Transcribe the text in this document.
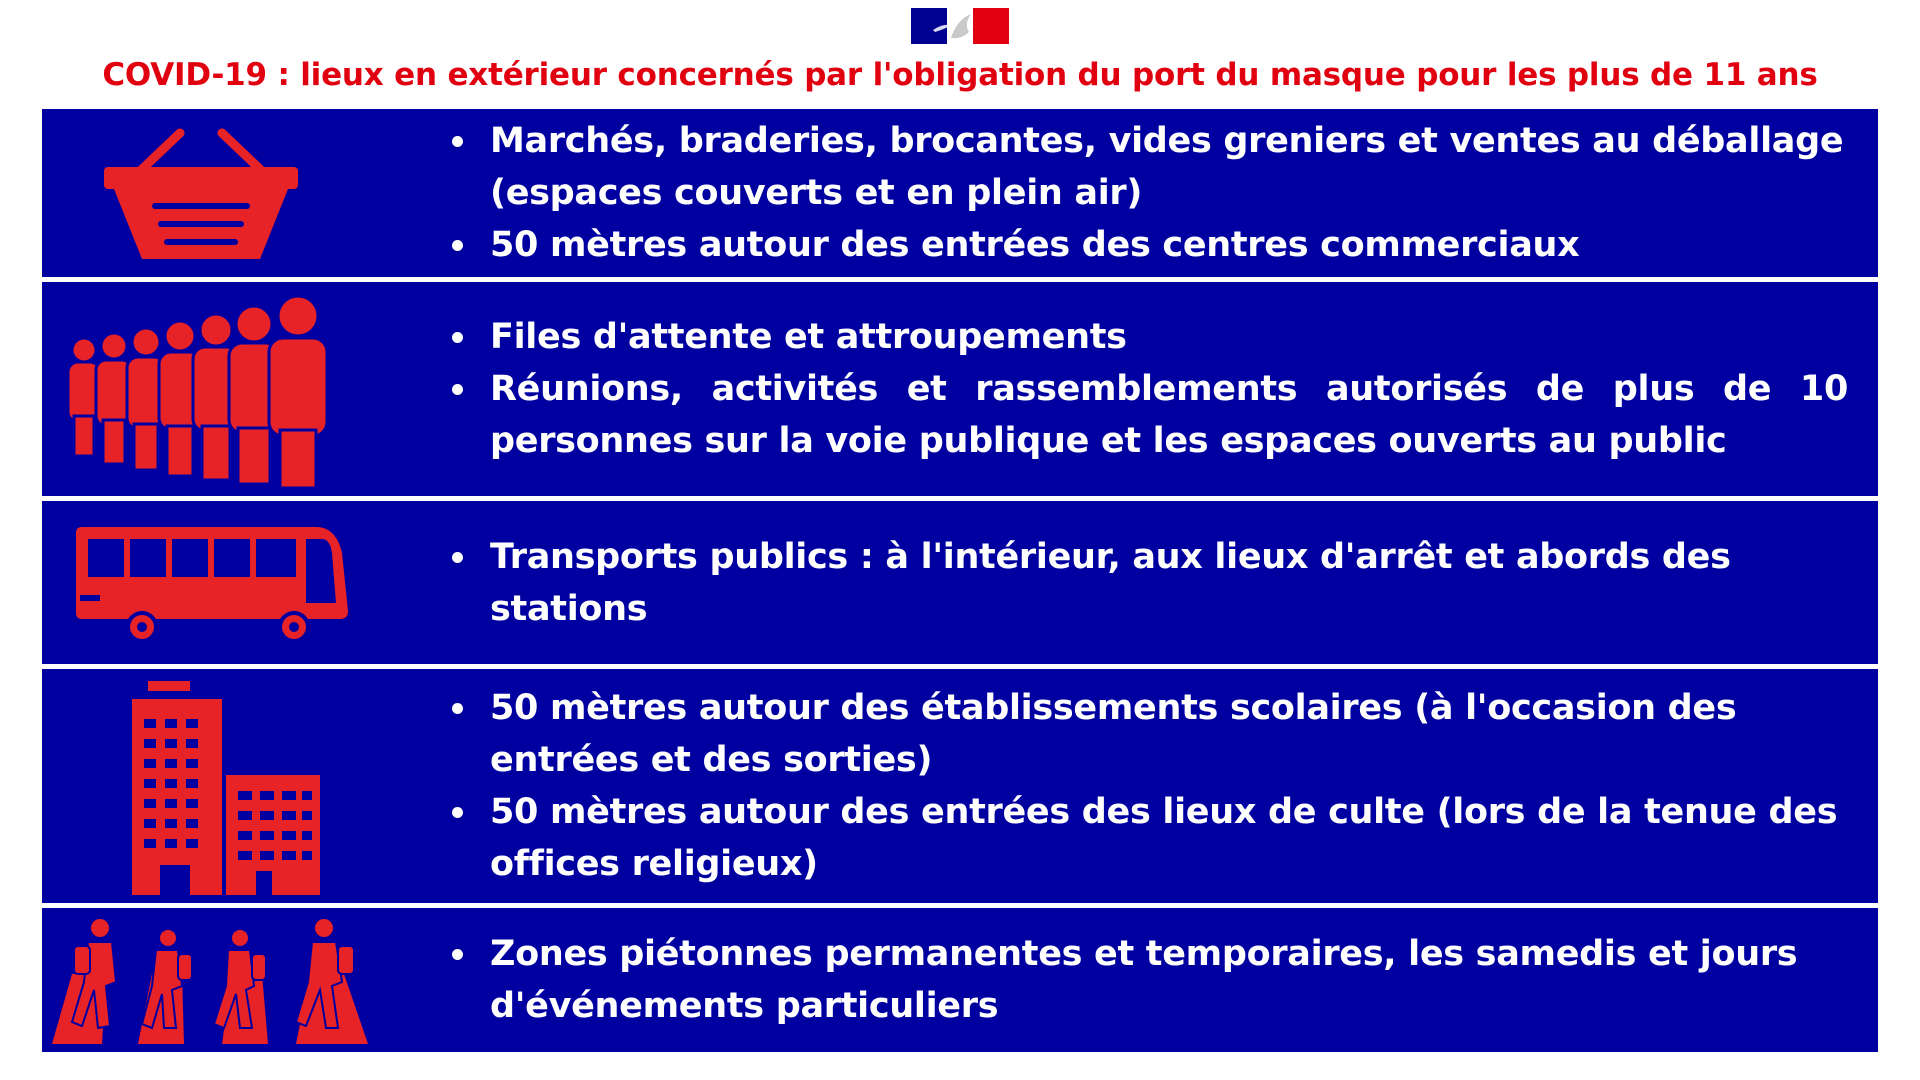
COVID-19 : lieux en extérieur concernés par l'obligation du port du masque pour les plus de 11 ans
Marchés, braderies, brocantes, vides greniers et ventes au déballage (espaces couverts et en plein air)
50 mètres autour des entrées des centres commerciaux
Files d'attente et attroupements
Réunions, activités et rassemblements autorisés de plus de 10 personnes sur la voie publique et les espaces ouverts au public
Transports publics : à l'intérieur, aux lieux d'arrêt et abords des stations
50 mètres autour des établissements scolaires (à l'occasion des entrées et des sorties)
50 mètres autour des entrées des lieux de culte (lors de la tenue des offices religieux)
Zones piétonnes permanentes et temporaires, les samedis et jours d'événements particuliers
